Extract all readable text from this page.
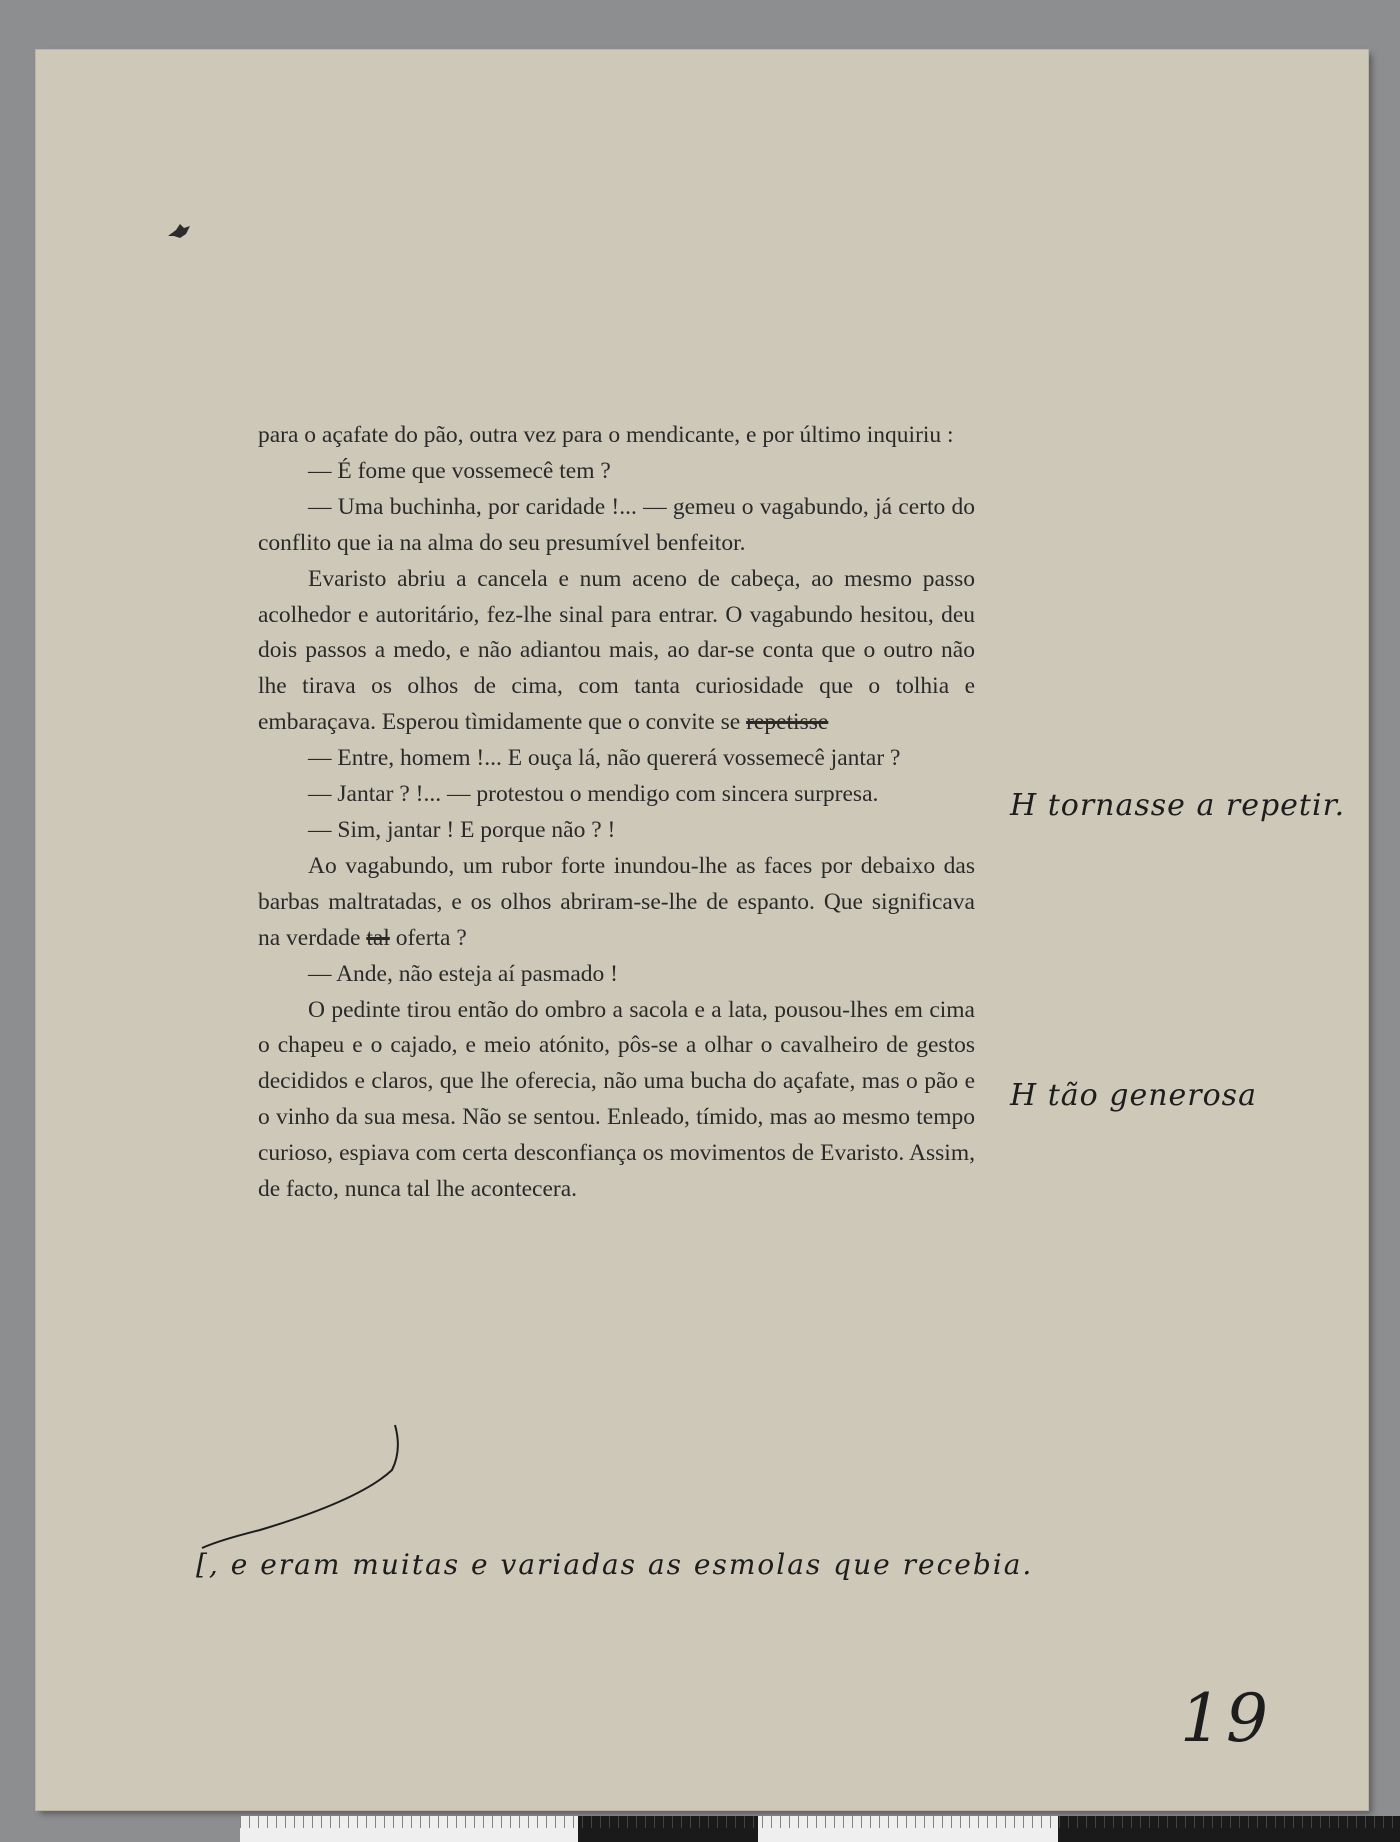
para o açafate do pão, outra vez para o mendicante, e por último inquiriu :

— É fome que vossemecê tem ?

— Uma buchinha, por caridade !... — gemeu o vagabundo, já certo do conflito que ia na alma do seu presumível benfeitor.

Evaristo abriu a cancela e num aceno de cabeça, ao mesmo passo acolhedor e autoritário, fez-lhe sinal para entrar. O vagabundo hesitou, deu dois passos a medo, e não adiantou mais, ao dar-se conta que o outro não lhe tirava os olhos de cima, com tanta curiosidade que o tolhia e embaraçava. Esperou tìmidamente que o convite se repetisse

— Entre, homem !... E ouça lá, não quererá vossemecê jantar ?

— Jantar ? !... — protestou o mendigo com sincera surpresa.

— Sim, jantar ! E porque não ? !

Ao vagabundo, um rubor forte inundou-lhe as faces por debaixo das barbas maltratadas, e os olhos abriram-se-lhe de espanto. Que significava na verdade tal oferta ?

— Ande, não esteja aí pasmado !

O pedinte tirou então do ombro a sacola e a lata, pousou-lhes em cima o chapeu e o cajado, e meio atónito, pôs-se a olhar o cavalheiro de gestos decididos e claros, que lhe oferecia, não uma bucha do açafate, mas o pão e o vinho da sua mesa. Não se sentou. Enleado, tímido, mas ao mesmo tempo curioso, espiava com certa desconfiança os movimentos de Evaristo. Assim, de facto, nunca tal lhe acontecera.

H tornasse a repetir.
H tão generosa
[, e eram muitas e variadas as esmolas que recebia.
19
